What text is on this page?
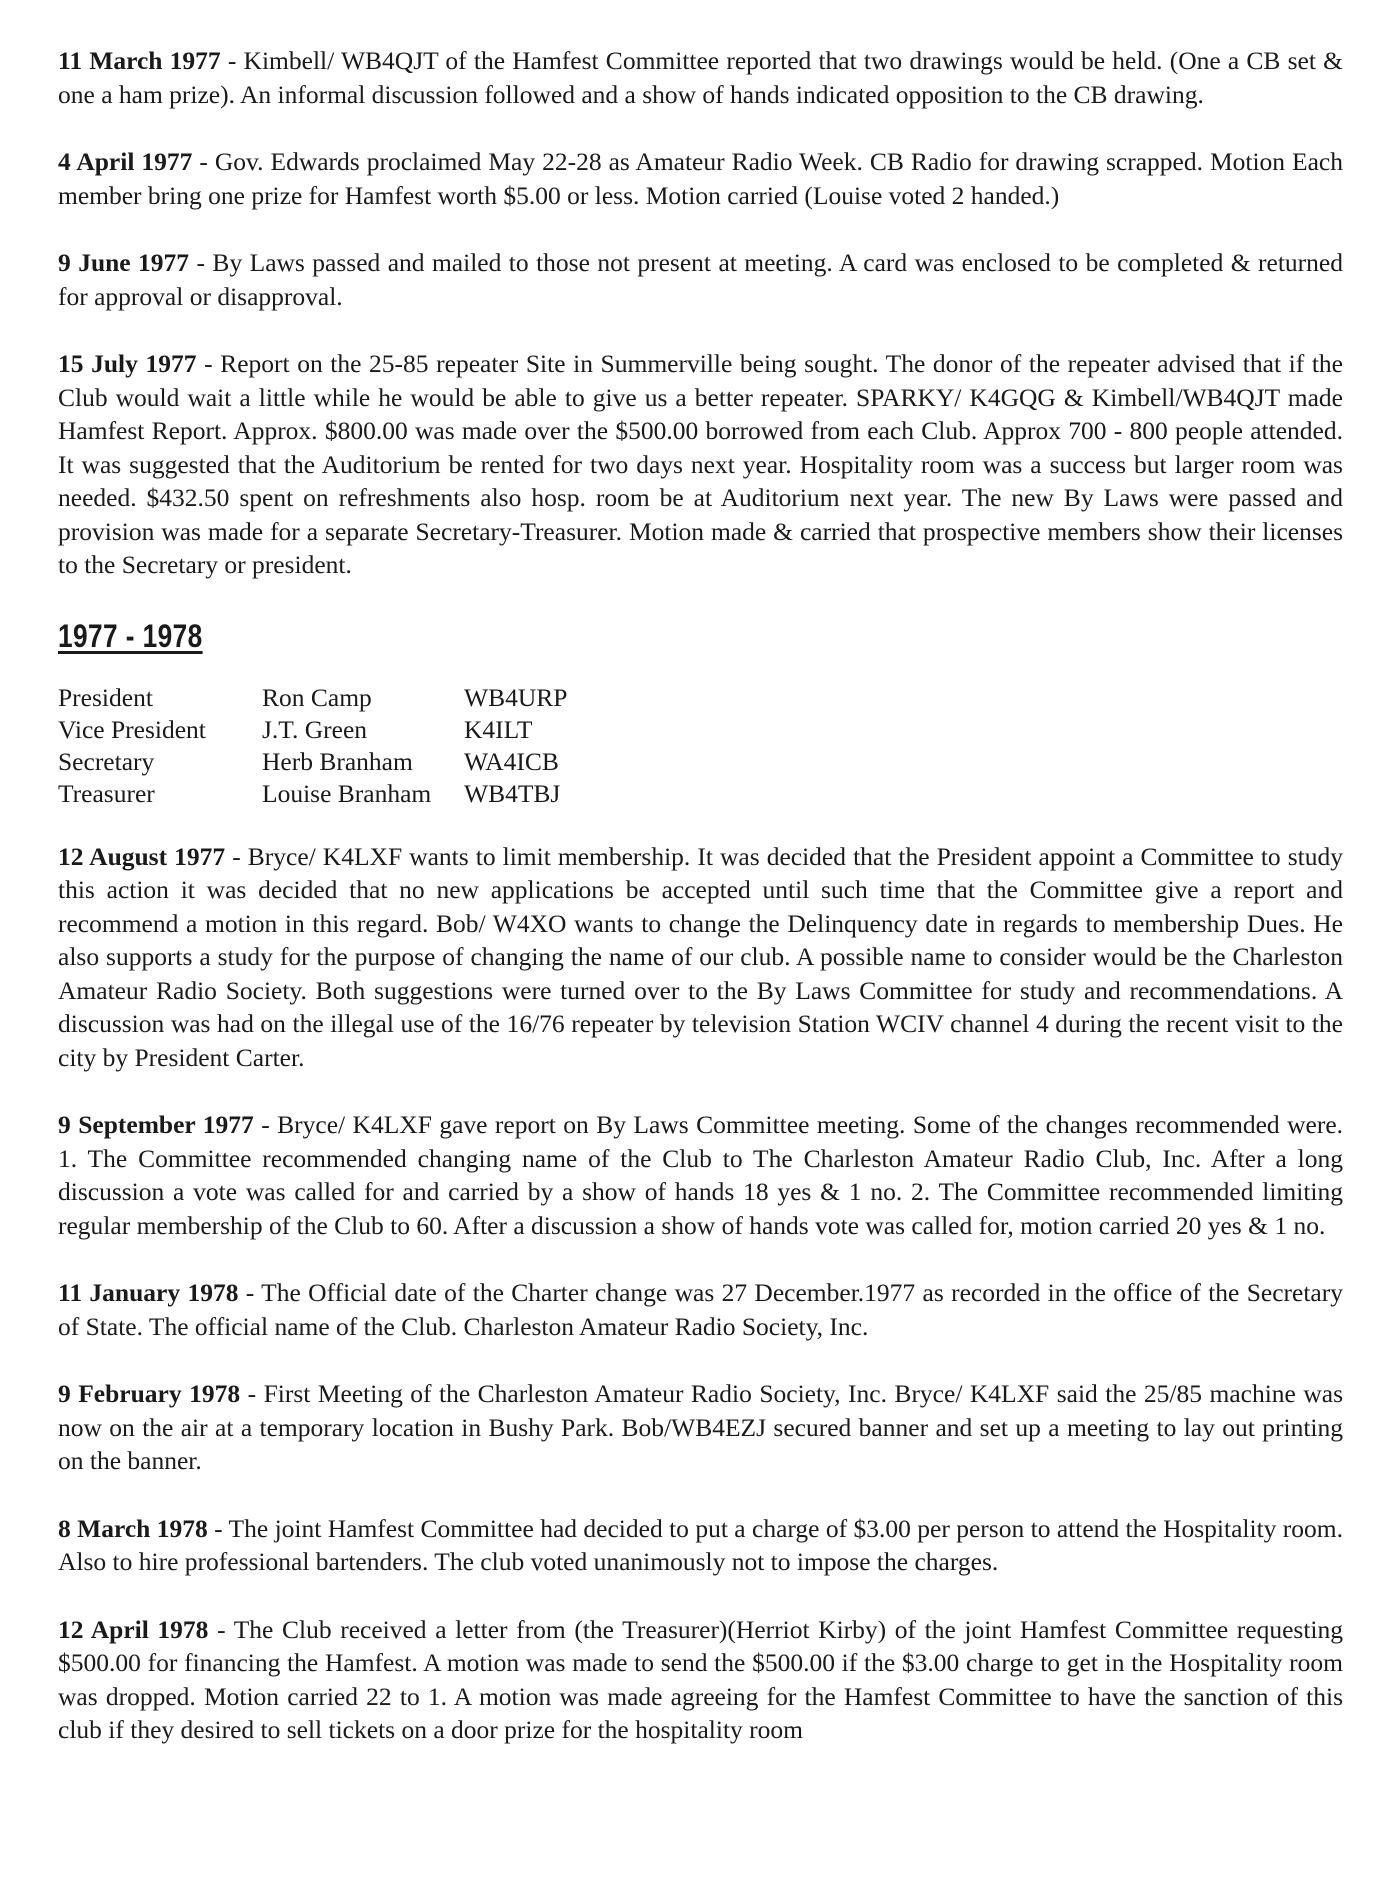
11 March 1977 - Kimbell/ WB4QJT of the Hamfest Committee reported that two drawings would be held. (One a CB set & one a ham prize). An informal discussion followed and a show of hands indicated opposition to the CB drawing.

4 April 1977 - Gov. Edwards proclaimed May 22-28 as Amateur Radio Week. CB Radio for drawing scrapped. Motion Each member bring one prize for Hamfest worth $5.00 or less. Motion carried (Louise voted 2 handed.)

9 June 1977 - By Laws passed and mailed to those not present at meeting. A card was enclosed to be completed & returned for approval or disapproval.

15 July 1977 - Report on the 25-85 repeater Site in Summerville being sought. The donor of the repeater advised that if the Club would wait a little while he would be able to give us a better repeater. SPARKY/ K4GQG & Kimbell/WB4QJT made Hamfest Report. Approx. $800.00 was made over the $500.00 borrowed from each Club. Approx 700 - 800 people attended. It was suggested that the Auditorium be rented for two days next year. Hospitality room was a success but larger room was needed. $432.50 spent on refreshments also hosp. room be at Auditorium next year. The new By Laws were passed and provision was made for a separate Secretary-Treasurer. Motion made & carried that prospective members show their licenses to the Secretary or president.

1977 - 1978
President	Ron Camp	WB4URP
Vice President	J.T. Green	K4ILT
Secretary	Herb Branham	WA4ICB
Treasurer	Louise Branham	WB4TBJ

12 August 1977 - Bryce/ K4LXF wants to limit membership. It was decided that the President appoint a Committee to study this action it was decided that no new applications be accepted until such time that the Committee give a report and recommend a motion in this regard. Bob/ W4XO wants to change the Delinquency date in regards to membership Dues. He also supports a study for the purpose of changing the name of our club. A possible name to consider would be the Charleston Amateur Radio Society. Both suggestions were turned over to the By Laws Committee for study and recommendations. A discussion was had on the illegal use of the 16/76 repeater by television Station WCIV channel 4 during the recent visit to the city by President Carter.

9 September 1977 - Bryce/ K4LXF gave report on By Laws Committee meeting. Some of the changes recommended were. 1. The Committee recommended changing name of the Club to The Charleston Amateur Radio Club, Inc. After a long discussion a vote was called for and carried by a show of hands 18 yes & 1 no. 2. The Committee recommended limiting regular membership of the Club to 60. After a discussion a show of hands vote was called for, motion carried 20 yes & 1 no.

11 January 1978 - The Official date of the Charter change was 27 December.1977 as recorded in the office of the Secretary of State. The official name of the Club. Charleston Amateur Radio Society, Inc.

9 February 1978 - First Meeting of the Charleston Amateur Radio Society, Inc. Bryce/ K4LXF said the 25/85 machine was now on the air at a temporary location in Bushy Park. Bob/WB4EZJ secured banner and set up a meeting to lay out printing on the banner.

8 March 1978 - The joint Hamfest Committee had decided to put a charge of $3.00 per person to attend the Hospitality room. Also to hire professional bartenders. The club voted unanimously not to impose the charges.

12 April 1978 - The Club received a letter from (the Treasurer)(Herriot Kirby) of the joint Hamfest Committee requesting $500.00 for financing the Hamfest. A motion was made to send the $500.00 if the $3.00 charge to get in the Hospitality room was dropped. Motion carried 22 to 1. A motion was made agreeing for the Hamfest Committee to have the sanction of this club if they desired to sell tickets on a door prize for the hospitality room
